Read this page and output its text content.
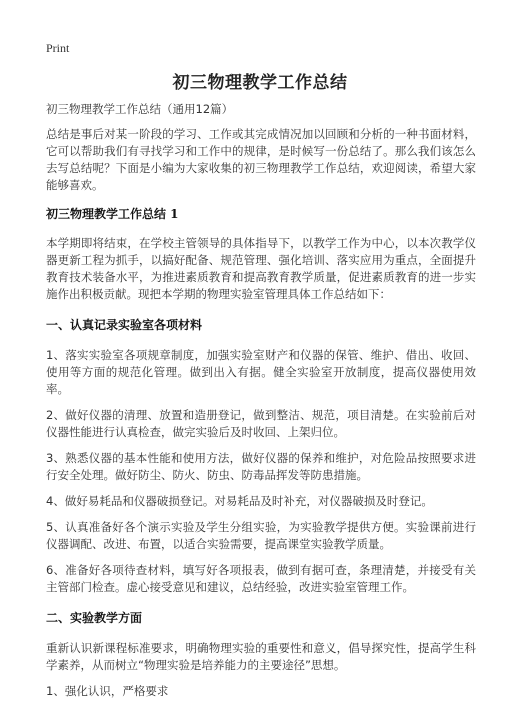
Print
初三物理教学工作总结
初三物理教学工作总结（通用12篇）

总结是事后对某一阶段的学习、工作或其完成情况加以回顾和分析的一种书面材料，它可以帮助我们有寻找学习和工作中的规律，是时候写一份总结了。那么我们该怎么去写总结呢？下面是小编为大家收集的初三物理教学工作总结，欢迎阅读，希望大家能够喜欢。

初三物理教学工作总结 1

本学期即将结束，在学校主管领导的具体指导下，以教学工作为中心，以本次教学仪器更新工程为抓手，以搞好配备、规范管理、强化培训、落实应用为重点，全面提升教育技术装备水平，为推进素质教育和提高教育教学质量，促进素质教育的进一步实施作出积极贡献。现把本学期的物理实验室管理具体工作总结如下：

一、认真记录实验室各项材料

1、落实实验室各项规章制度，加强实验室财产和仪器的保管、维护、借出、收回、使用等方面的规范化管理。做到出入有据。健全实验室开放制度，提高仪器使用效率。

2、做好仪器的清理、放置和造册登记，做到整洁、规范，项目清楚。在实验前后对仪器性能进行认真检查，做完实验后及时收回、上架归位。

3、熟悉仪器的基本性能和使用方法，做好仪器的保养和维护，对危险品按照要求进行安全处理。做好防尘、防火、防虫、防毒品挥发等防患措施。

4、做好易耗品和仪器破损登记。对易耗品及时补充，对仪器破损及时登记。

5、认真准备好各个演示实验及学生分组实验，为实验教学提供方便。实验课前进行仪器调配、改进、布置，以适合实验需要，提高课堂实验教学质量。

6、准备好各项待查材料，填写好各项报表，做到有据可查，条理清楚，并接受有关主管部门检查。虚心接受意见和建议，总结经验，改进实验室管理工作。

二、实验教学方面

重新认识新课程标准要求，明确物理实验的重要性和意义，倡导探究性，提高学生科学素养，从而树立“物理实验是培养能力的主要途径”思想。

1、强化认识，严格要求
